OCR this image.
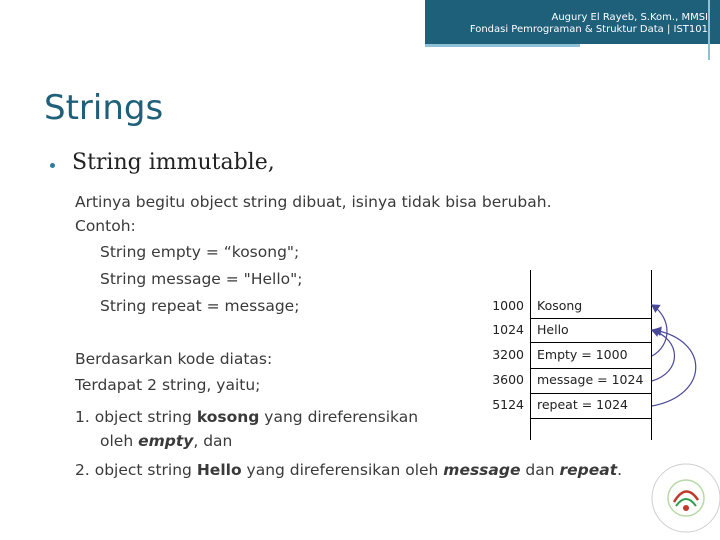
Augury El Rayeb, S.Kom., MMSI
Fondasi Pemrograman & Struktur Data | IST101
Strings
String immutable,
Artinya begitu object string dibuat, isinya tidak bisa berubah.
Contoh:
String empty = “kosong";
String message = "Hello";
String repeat = message;
Berdasarkan kode diatas:
Terdapat 2 string, yaitu;
1. object string kosong yang direferensikan
oleh empty, dan
2. object string Hello yang direferensikan oleh message dan repeat.
1000 Kosong
1024 Hello
3200 Empty = 1000
3600 message = 1024
5124 repeat = 1024
